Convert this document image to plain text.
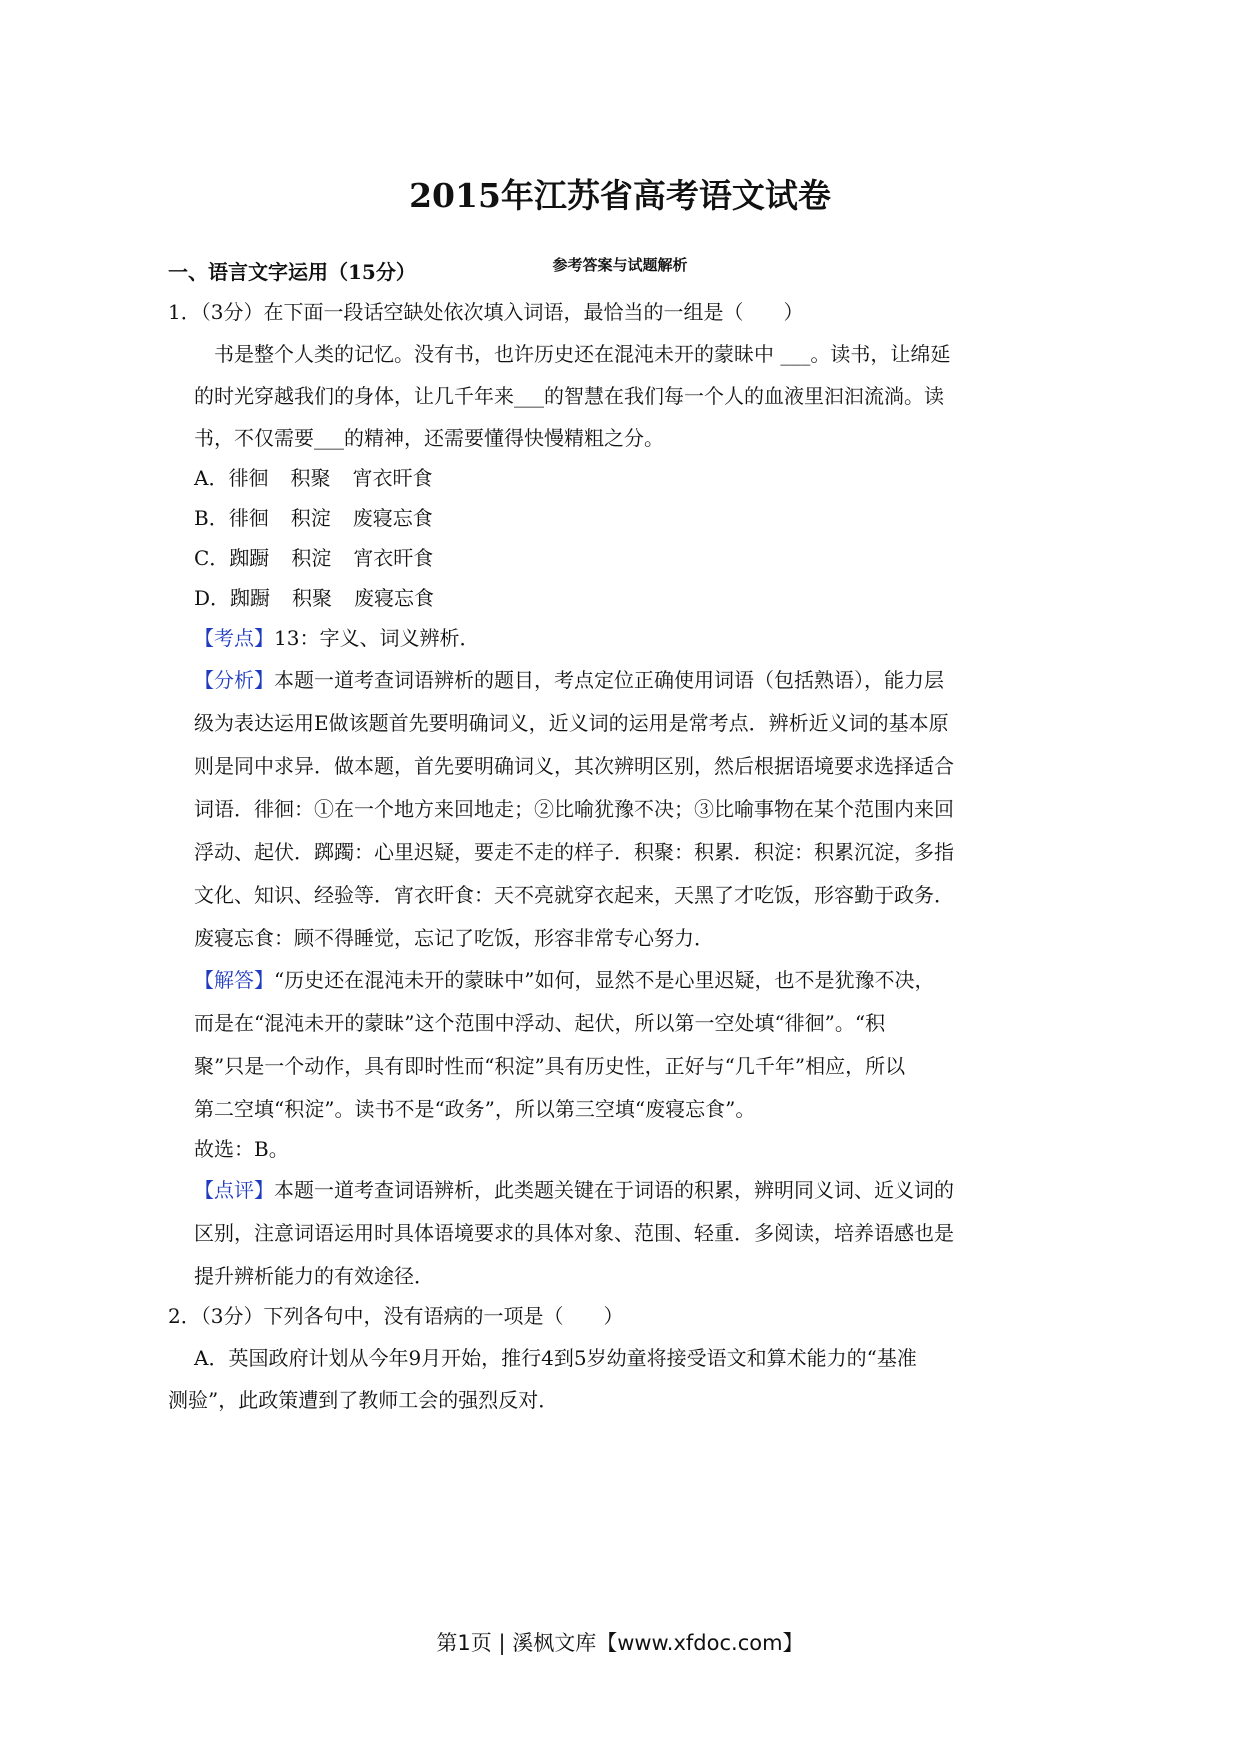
2015年江苏省高考语文试卷
参考答案与试题解析
一、语言文字运用（15分）
1．（3分）在下面一段话空缺处依次填入词语，最恰当的一组是（　　）
书是整个人类的记忆。没有书，也许历史还在混沌未开的蒙昧中 ___。读书，让绵延
的时光穿越我们的身体，让几千年来___的智慧在我们每一个人的血液里汩汩流淌。读
书，不仅需要___的精神，还需要懂得快慢精粗之分。
A．徘徊 积聚 宵衣旰食
B．徘徊 积淀 废寝忘食
C．踟蹰 积淀 宵衣旰食
D．踟蹰 积聚 废寝忘食
【考点】13：字义、词义辨析．
【分析】本题一道考查词语辨析的题目，考点定位正确使用词语（包括熟语），能力层
级为表达运用E做该题首先要明确词义，近义词的运用是常考点．辨析近义词的基本原
则是同中求异．做本题，首先要明确词义，其次辨明区别，然后根据语境要求选择适合
词语．徘徊：①在一个地方来回地走；②比喻犹豫不决；③比喻事物在某个范围内来回
浮动、起伏．踯躅：心里迟疑，要走不走的样子．积聚：积累．积淀：积累沉淀，多指
文化、知识、经验等．宵衣旰食：天不亮就穿衣起来，天黑了才吃饭，形容勤于政务．
废寝忘食：顾不得睡觉，忘记了吃饭，形容非常专心努力．
【解答】“历史还在混沌未开的蒙昧中”如何，显然不是心里迟疑，也不是犹豫不决，
而是在“混沌未开的蒙昧”这个范围中浮动、起伏，所以第一空处填“徘徊”。“积
聚”只是一个动作，具有即时性而“积淀”具有历史性，正好与“几千年”相应，所以
第二空填“积淀”。读书不是“政务”，所以第三空填“废寝忘食”。
故选：B。
【点评】本题一道考查词语辨析，此类题关键在于词语的积累，辨明同义词、近义词的
区别，注意词语运用时具体语境要求的具体对象、范围、轻重．多阅读，培养语感也是
提升辨析能力的有效途径．
2．（3分）下列各句中，没有语病的一项是（　　）
A．英国政府计划从今年9月开始，推行4到5岁幼童将接受语文和算术能力的“基准
测验”，此政策遭到了教师工会的强烈反对．
第1页 | 溪枫文库【www.xfdoc.com】
